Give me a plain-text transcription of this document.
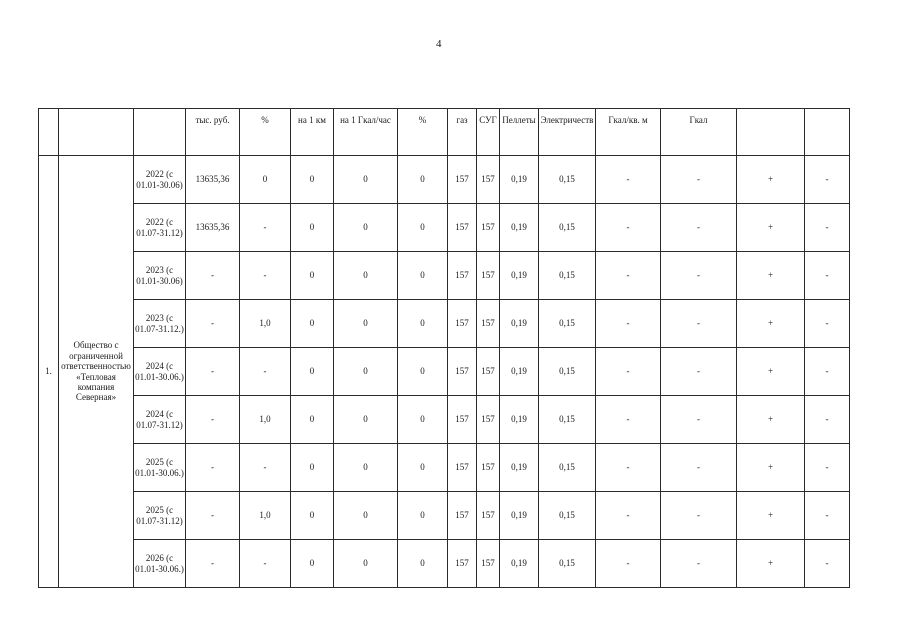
4
			тыс. руб.	%	на 1 км	на 1 Гкал/час	%	газ	СУГ	Пеллеты	Электричеств	Гкал/кв. м	Гкал		
1.	Общество с ограниченной ответственностью «Тепловая компания Северная»	2022 (с 01.01-30.06)	13635,36	0	0	0	0	157	157	0,19	0,15	-	-	+	-
		2022 (с 01.07-31.12)	13635,36	-	0	0	0	157	157	0,19	0,15	-	-	+	-
		2023 (с 01.01-30.06)	-	-	0	0	0	157	157	0,19	0,15	-	-	+	-
		2023 (с 01.07-31.12.)	-	1,0	0	0	0	157	157	0,19	0,15	-	-	+	-
		2024 (с 01.01-30.06.)	-	-	0	0	0	157	157	0,19	0,15	-	-	+	-
		2024 (с 01.07-31.12)	-	1,0	0	0	0	157	157	0,19	0,15	-	-	+	-
		2025 (с 01.01-30.06.)	-	-	0	0	0	157	157	0,19	0,15	-	-	+	-
		2025 (с 01.07-31.12)	-	1,0	0	0	0	157	157	0,19	0,15	-	-	+	-
		2026 (с 01.01-30.06.)	-	-	0	0	0	157	157	0,19	0,15	-	-	+	-
